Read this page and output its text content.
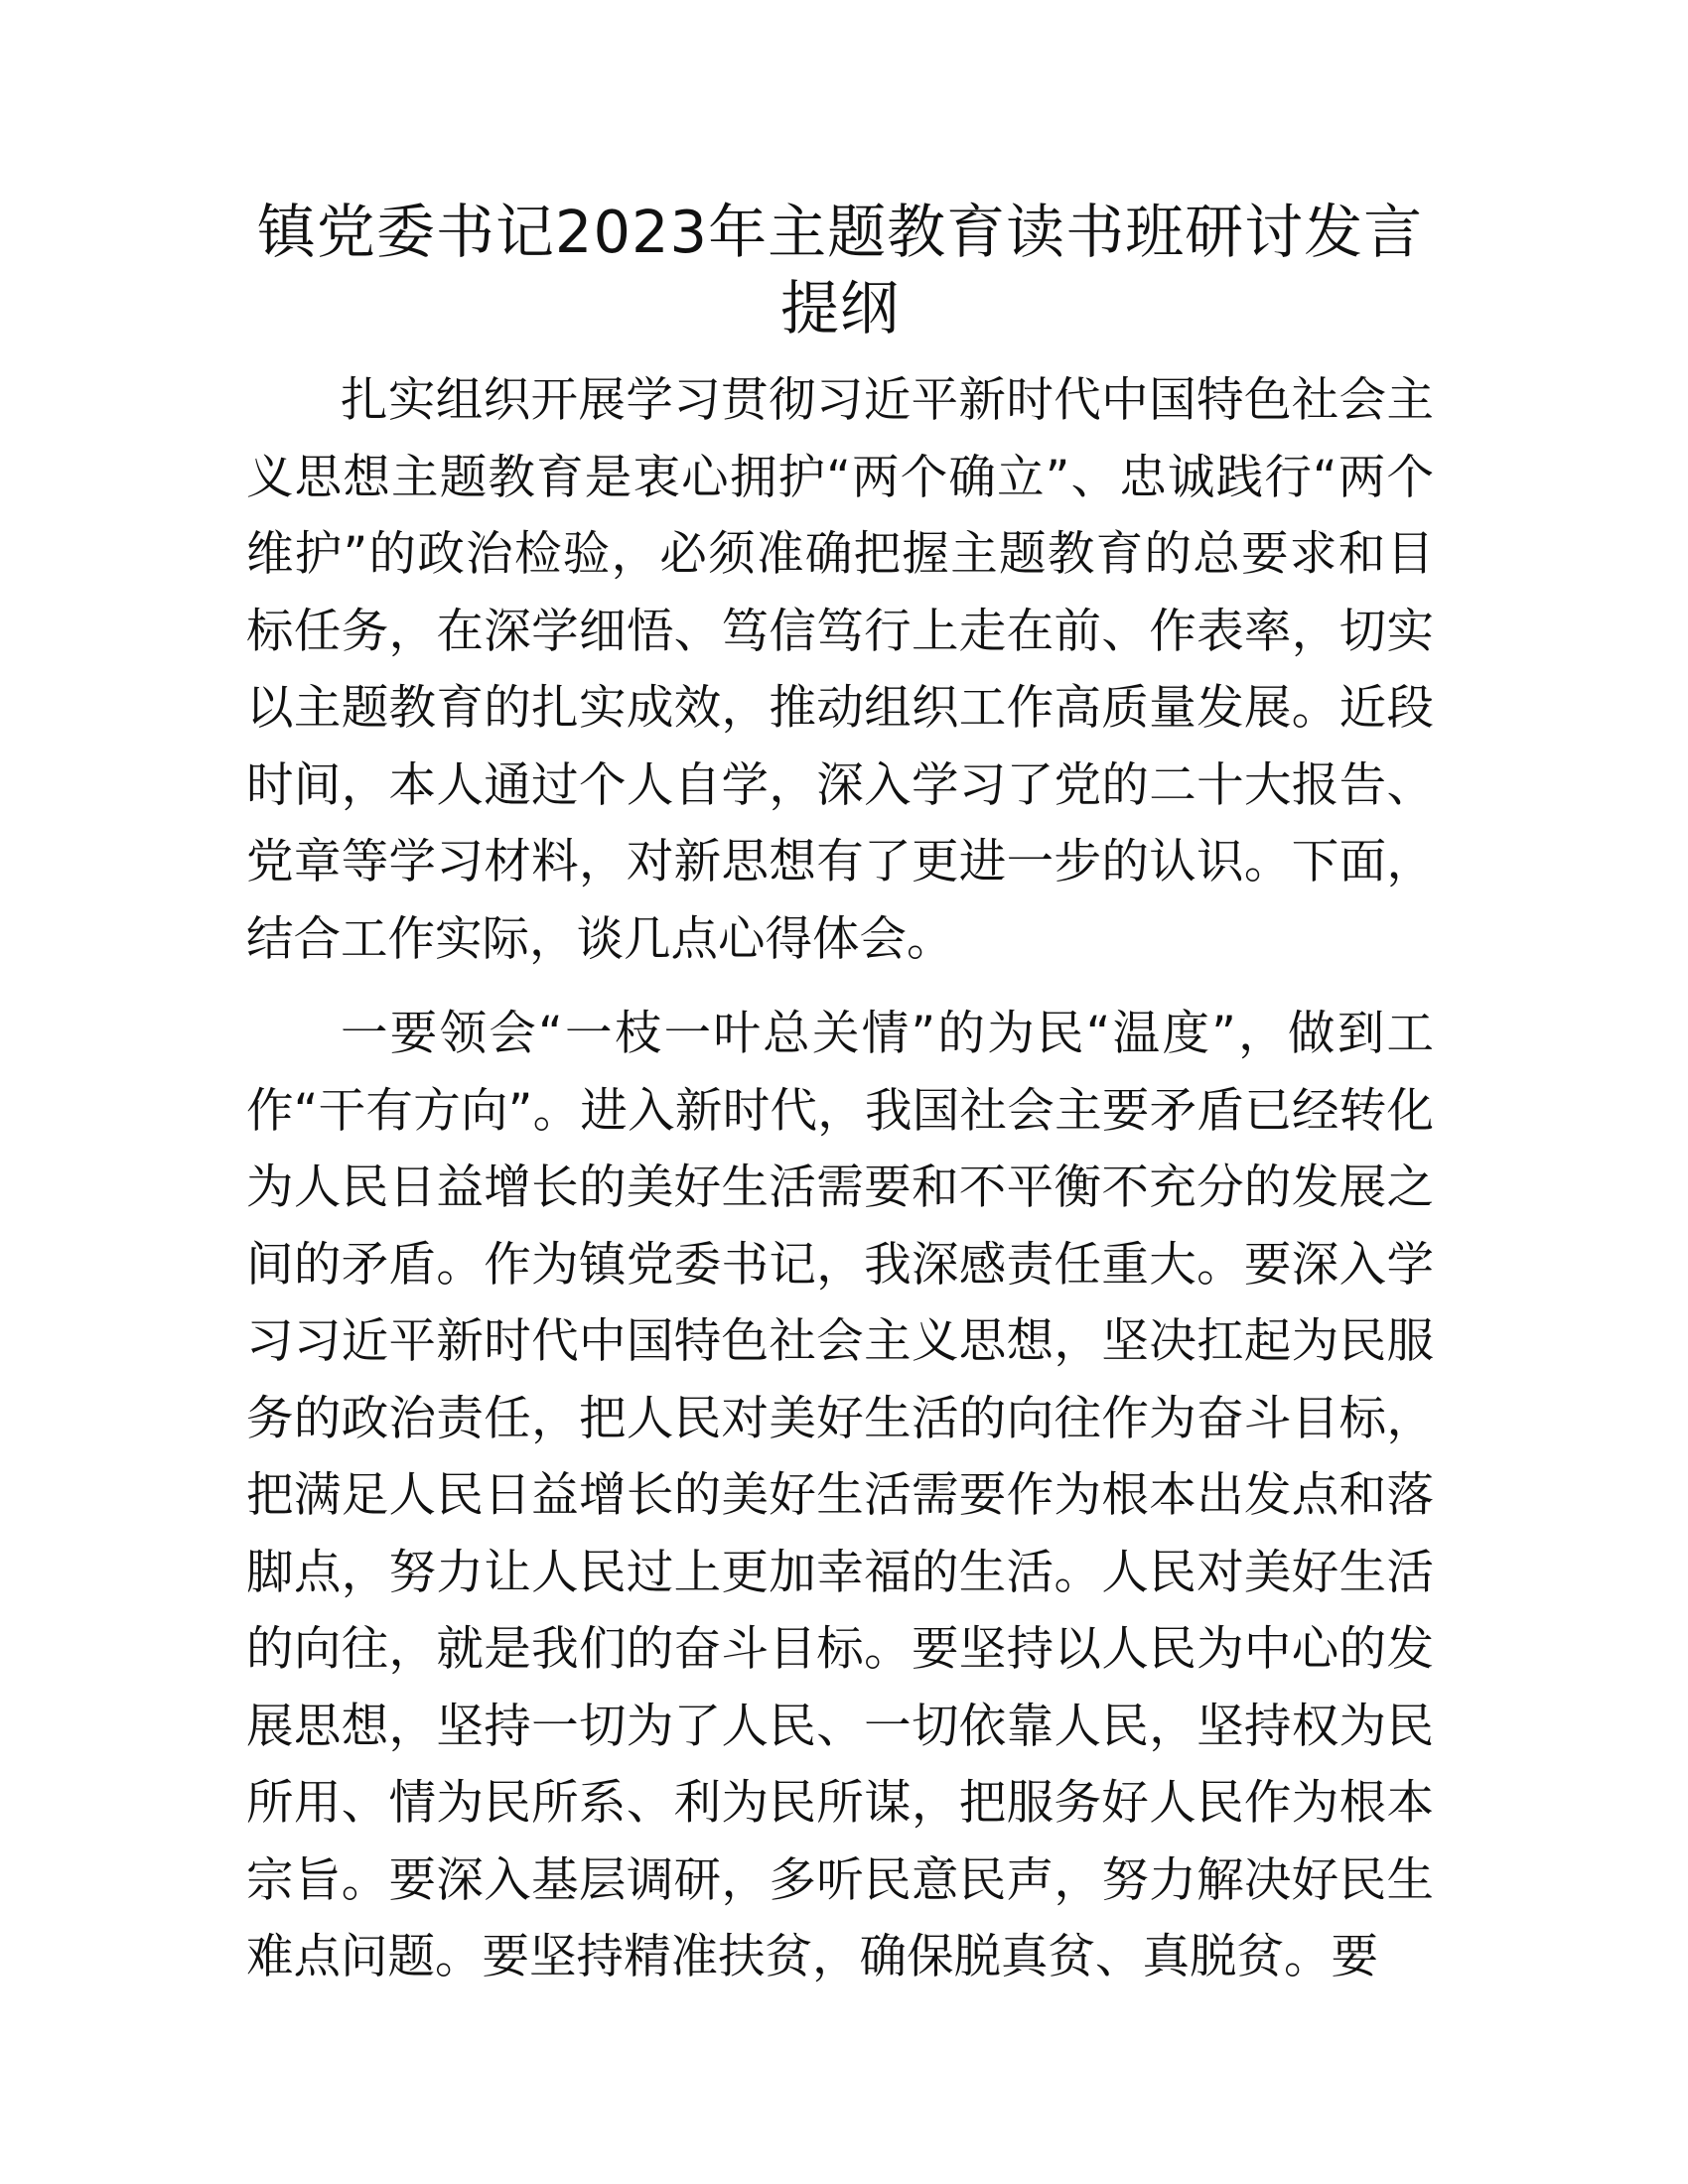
镇党委书记2023年主题教育读书班研讨发言提纲

扎实组织开展学习贯彻习近平新时代中国特色社会主义思想主题教育是衷心拥护“两个确立”、忠诚践行“两个维护”的政治检验，必须准确把握主题教育的总要求和目标任务，在深学细悟、笃信笃行上走在前、作表率，切实以主题教育的扎实成效，推动组织工作高质量发展。近段时间，本人通过个人自学，深入学习了党的二十大报告、党章等学习材料，对新思想有了更进一步的认识。下面，结合工作实际，谈几点心得体会。

一要领会“一枝一叶总关情”的为民“温度”，做到工作“干有方向”。进入新时代，我国社会主要矛盾已经转化为人民日益增长的美好生活需要和不平衡不充分的发展之间的矛盾。作为镇党委书记，我深感责任重大。要深入学习习近平新时代中国特色社会主义思想，坚决扛起为民服务的政治责任，把人民对美好生活的向往作为奋斗目标，把满足人民日益增长的美好生活需要作为根本出发点和落脚点，努力让人民过上更加幸福的生活。人民对美好生活的向往，就是我们的奋斗目标。要坚持以人民为中心的发展思想，坚持一切为了人民、一切依靠人民，坚持权为民所用、情为民所系、利为民所谋，把服务好人民作为根本宗旨。要深入基层调研，多听民意民声，努力解决好民生难点问题。要坚持精准扶贫，确保脱真贫、真脱贫。要
